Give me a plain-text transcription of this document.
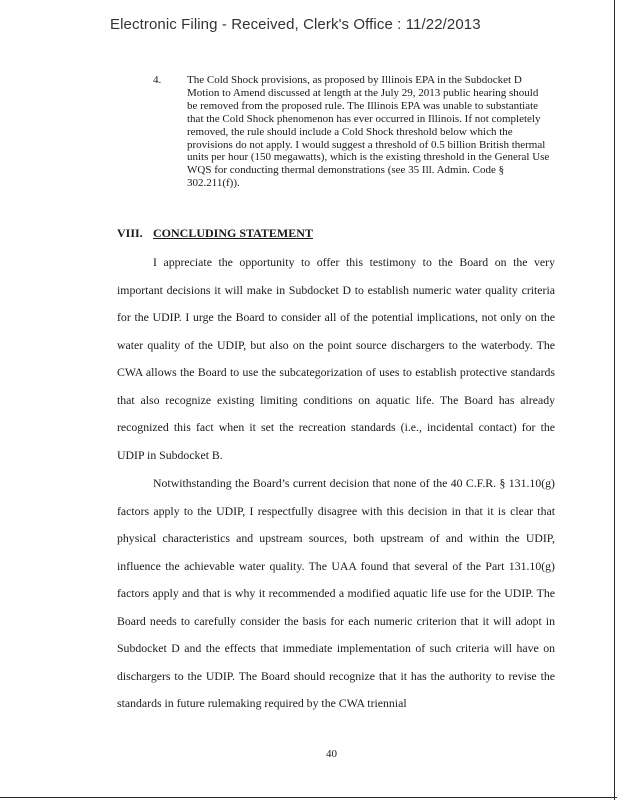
Electronic Filing - Received, Clerk's Office : 11/22/2013
4. The Cold Shock provisions, as proposed by Illinois EPA in the Subdocket D Motion to Amend discussed at length at the July 29, 2013 public hearing should be removed from the proposed rule. The Illinois EPA was unable to substantiate that the Cold Shock phenomenon has ever occurred in Illinois. If not completely removed, the rule should include a Cold Shock threshold below which the provisions do not apply. I would suggest a threshold of 0.5 billion British thermal units per hour (150 megawatts), which is the existing threshold in the General Use WQS for conducting thermal demonstrations (see 35 Ill. Admin. Code § 302.211(f)).
VIII. CONCLUDING STATEMENT

I appreciate the opportunity to offer this testimony to the Board on the very important decisions it will make in Subdocket D to establish numeric water quality criteria for the UDIP. I urge the Board to consider all of the potential implications, not only on the water quality of the UDIP, but also on the point source dischargers to the waterbody. The CWA allows the Board to use the subcategorization of uses to establish protective standards that also recognize existing limiting conditions on aquatic life. The Board has already recognized this fact when it set the recreation standards (i.e., incidental contact) for the UDIP in Subdocket B.

Notwithstanding the Board’s current decision that none of the 40 C.F.R. § 131.10(g) factors apply to the UDIP, I respectfully disagree with this decision in that it is clear that physical characteristics and upstream sources, both upstream of and within the UDIP, influence the achievable water quality. The UAA found that several of the Part 131.10(g) factors apply and that is why it recommended a modified aquatic life use for the UDIP. The Board needs to carefully consider the basis for each numeric criterion that it will adopt in Subdocket D and the effects that immediate implementation of such criteria will have on dischargers to the UDIP. The Board should recognize that it has the authority to revise the standards in future rulemaking required by the CWA triennial

40
